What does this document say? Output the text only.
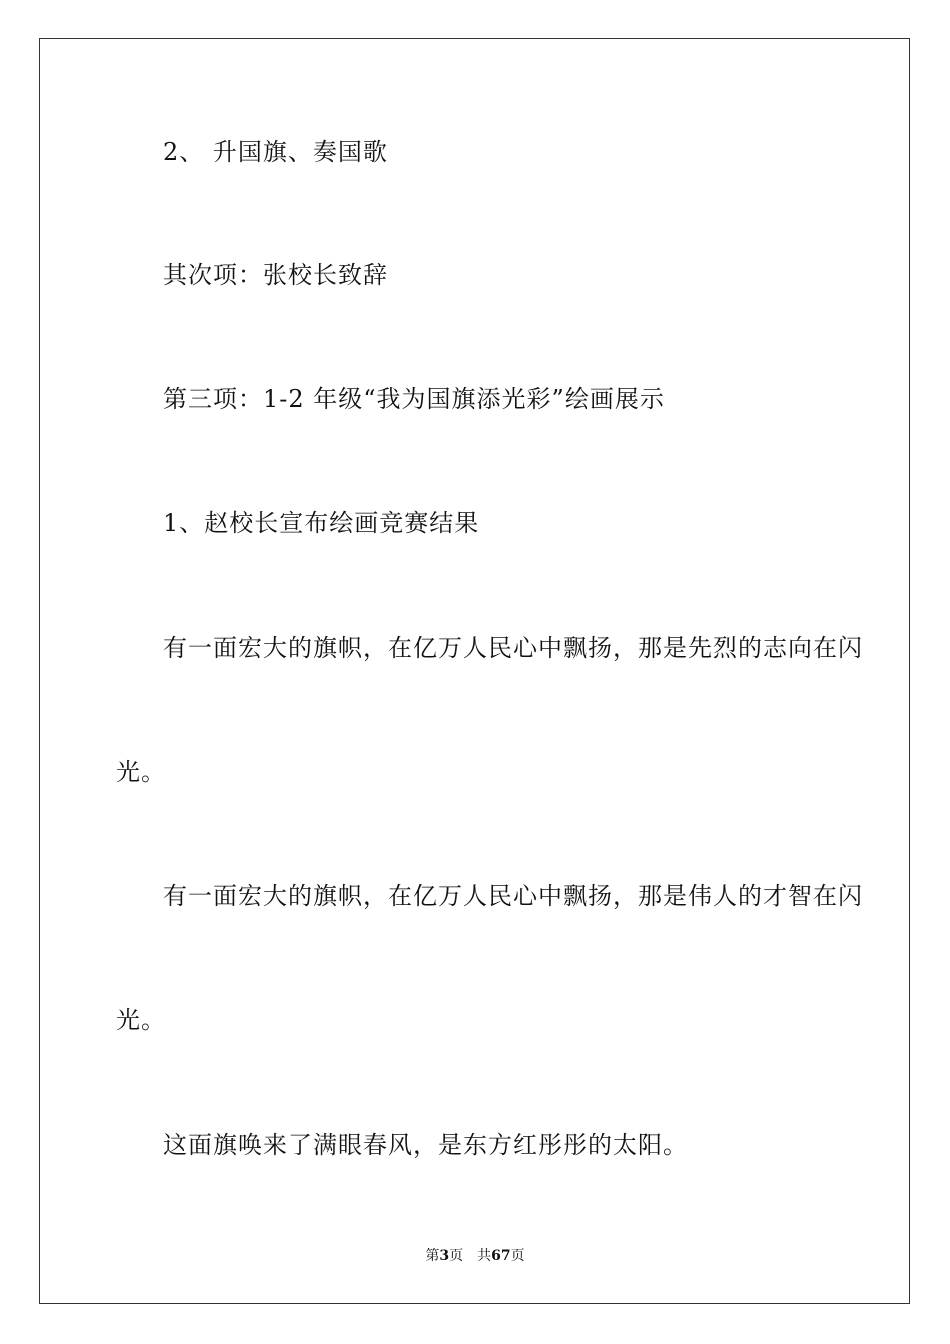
2、 升国旗、奏国歌
其次项：张校长致辞
第三项：1-2 年级“我为国旗添光彩”绘画展示
1、赵校长宣布绘画竞赛结果
有一面宏大的旗帜，在亿万人民心中飘扬，那是先烈的志向在闪
光。
有一面宏大的旗帜，在亿万人民心中飘扬，那是伟人的才智在闪
光。
这面旗唤来了满眼春风，是东方红彤彤的太阳。
第3页 共67页
